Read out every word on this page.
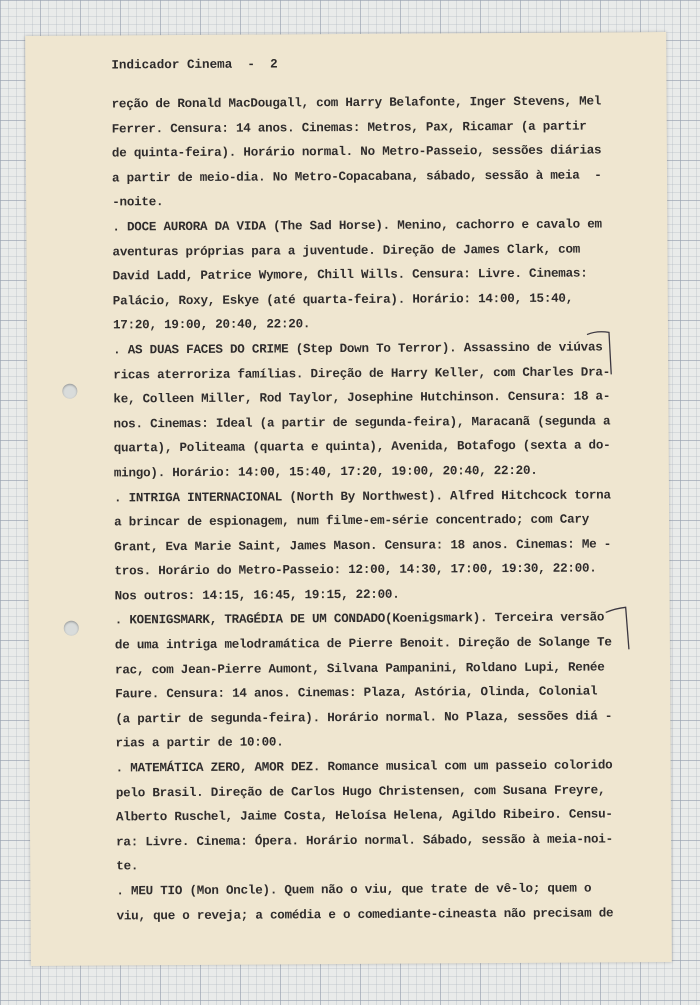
Indicador Cinema  -  2
reção de Ronald MacDougall, com Harry Belafonte, Inger Stevens, Mel
Ferrer. Censura: 14 anos. Cinemas: Metros, Pax, Ricamar (a partir
de quinta-feira). Horário normal. No Metro-Passeio, sessões diárias
a partir de meio-dia. No Metro-Copacabana, sábado, sessão à meia  -
-noite.
. DOCE AURORA DA VIDA (The Sad Horse). Menino, cachorro e cavalo em
aventuras próprias para a juventude. Direção de James Clark, com
David Ladd, Patrice Wymore, Chill Wills. Censura: Livre. Cinemas:
Palácio, Roxy, Eskye (até quarta-feira). Horário: 14:00, 15:40,
17:20, 19:00, 20:40, 22:20.
. AS DUAS FACES DO CRIME (Step Down To Terror). Assassino de viúvas
ricas aterroriza famílias. Direção de Harry Keller, com Charles Dra-
ke, Colleen Miller, Rod Taylor, Josephine Hutchinson. Censura: 18 a-
nos. Cinemas: Ideal (a partir de segunda-feira), Maracanã (segunda a
quarta), Politeama (quarta e quinta), Avenida, Botafogo (sexta a do-
mingo). Horário: 14:00, 15:40, 17:20, 19:00, 20:40, 22:20.
. INTRIGA INTERNACIONAL (North By Northwest). Alfred Hitchcock torna
a brincar de espionagem, num filme-em-série concentrado; com Cary
Grant, Eva Marie Saint, James Mason. Censura: 18 anos. Cinemas: Me -
tros. Horário do Metro-Passeio: 12:00, 14:30, 17:00, 19:30, 22:00.
Nos outros: 14:15, 16:45, 19:15, 22:00.
. KOENIGSMARK, TRAGÉDIA DE UM CONDADO(Koenigsmark). Terceira versão
de uma intriga melodramática de Pierre Benoit. Direção de Solange Te
rac, com Jean-Pierre Aumont, Silvana Pampanini, Roldano Lupi, Renée
Faure. Censura: 14 anos. Cinemas: Plaza, Astória, Olinda, Colonial
(a partir de segunda-feira). Horário normal. No Plaza, sessões diá -
rias a partir de 10:00.
. MATEMÁTICA ZERO, AMOR DEZ. Romance musical com um passeio colorido
pelo Brasil. Direção de Carlos Hugo Christensen, com Susana Freyre,
Alberto Ruschel, Jaime Costa, Heloísa Helena, Agildo Ribeiro. Censu-
ra: Livre. Cinema: Ópera. Horário normal. Sábado, sessão à meia-noi-
te.
. MEU TIO (Mon Oncle). Quem não o viu, que trate de vê-lo; quem o
viu, que o reveja; a comédia e o comediante-cineasta não precisam de
